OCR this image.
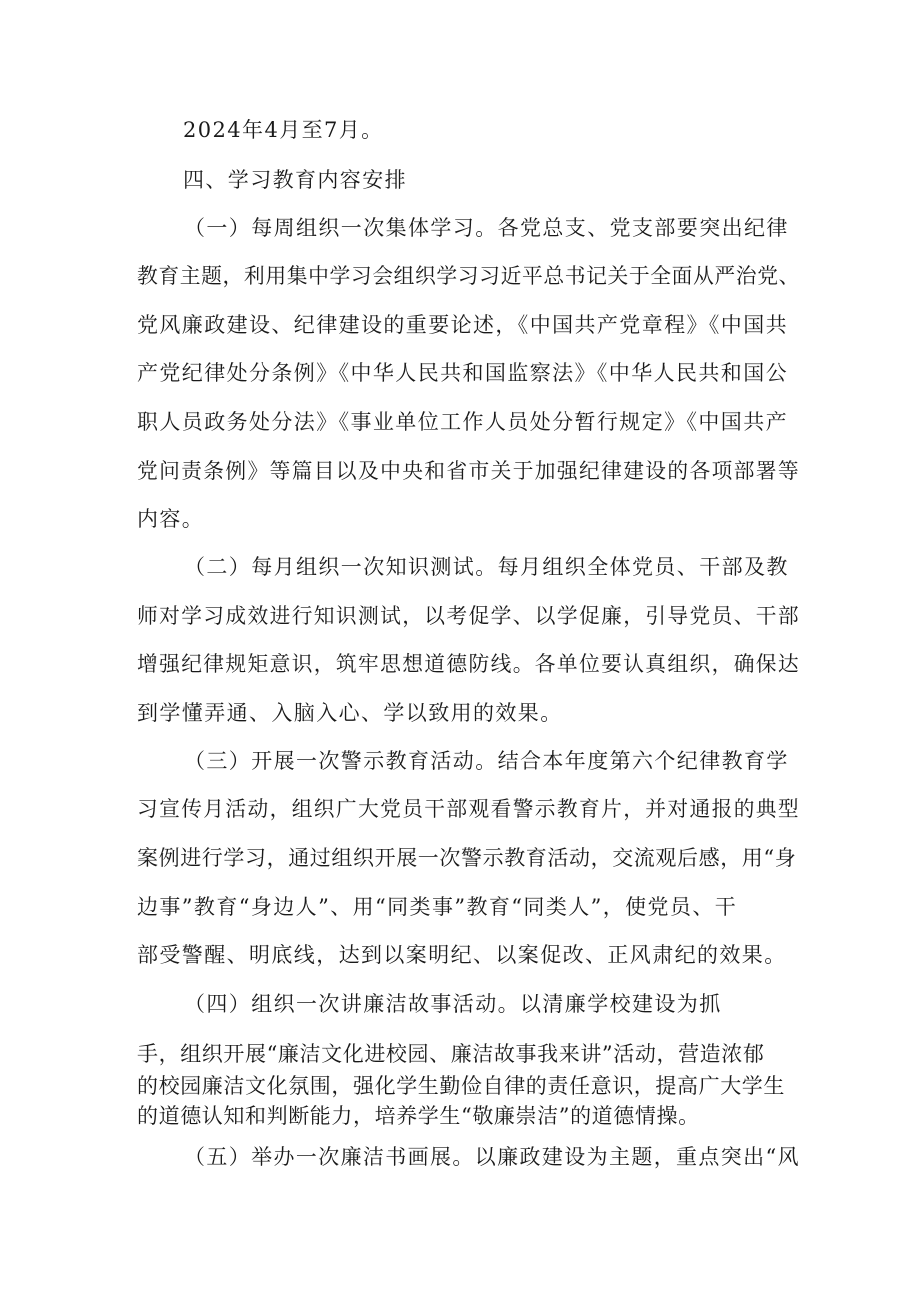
2024年4月至7月。
四、学习教育内容安排
（一）每周组织一次集体学习。各党总支、党支部要突出纪律
教育主题，利用集中学习会组织学习习近平总书记关于全面从严治党、
党风廉政建设、纪律建设的重要论述，《中国共产党章程》《中国共
产党纪律处分条例》《中华人民共和国监察法》《中华人民共和国公
职人员政务处分法》《事业单位工作人员处分暂行规定》《中国共产
党问责条例》等篇目以及中央和省市关于加强纪律建设的各项部署等
内容。
（二）每月组织一次知识测试。每月组织全体党员、干部及教
师对学习成效进行知识测试，以考促学、以学促廉，引导党员、干部
增强纪律规矩意识，筑牢思想道德防线。各单位要认真组织，确保达
到学懂弄通、入脑入心、学以致用的效果。
（三）开展一次警示教育活动。结合本年度第六个纪律教育学
习宣传月活动，组织广大党员干部观看警示教育片，并对通报的典型
案例进行学习，通过组织开展一次警示教育活动，交流观后感，用“身
边事”教育“身边人”、用“同类事”教育“同类人”，使党员、干
部受警醒、明底线，达到以案明纪、以案促改、正风肃纪的效果。
（四）组织一次讲廉洁故事活动。以清廉学校建设为抓
手，组织开展“廉洁文化进校园、廉洁故事我来讲”活动，营造浓郁
的校园廉洁文化氛围，强化学生勤俭自律的责任意识，提高广大学生
的道德认知和判断能力，培养学生“敬廉崇洁”的道德情操。
（五）举办一次廉洁书画展。以廉政建设为主题，重点突出“风
